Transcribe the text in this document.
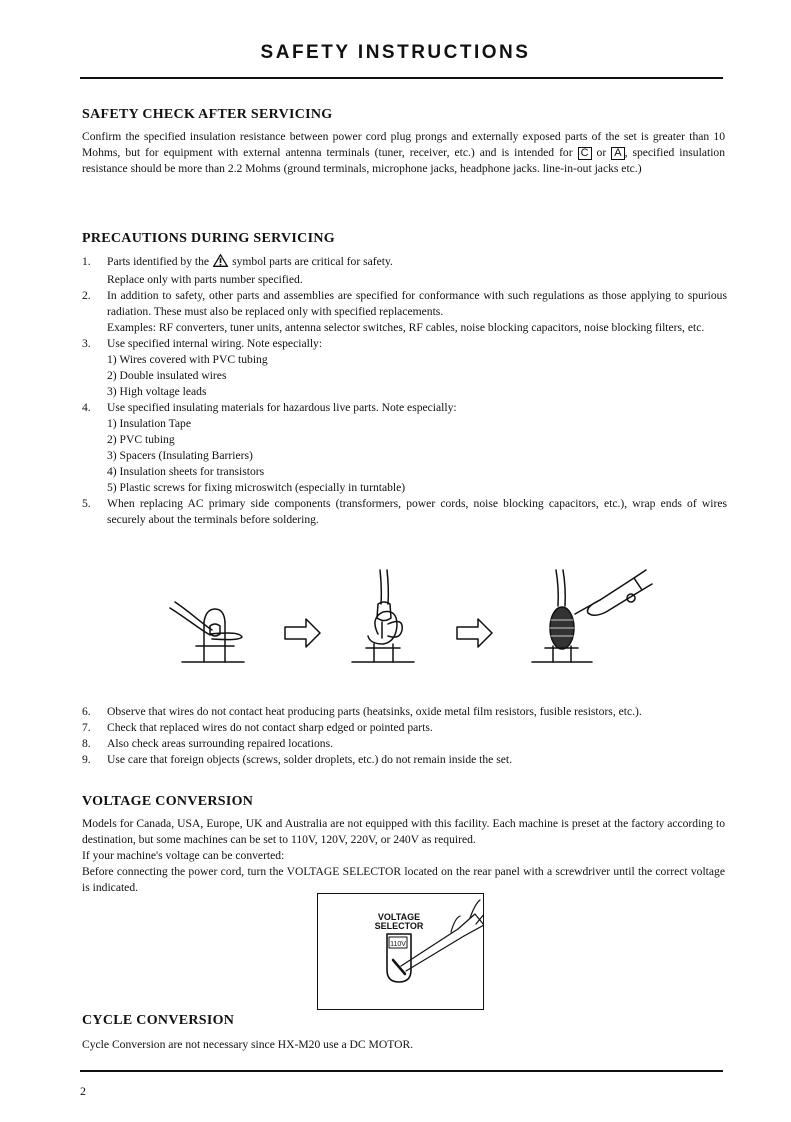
SAFETY INSTRUCTIONS
SAFETY CHECK AFTER SERVICING

Confirm the specified insulation resistance between power cord plug prongs and externally exposed parts of the set is greater than 10 Mohms, but for equipment with external antenna terminals (tuner, receiver, etc.) and is intended for C or A , specified insulation resistance should be more than 2.2 Mohms (ground terminals, microphone jacks, headphone jacks. line-in-out jacks etc.)

PRECAUTIONS DURING SERVICING
1. Parts identified by the symbol parts are critical for safety.
Replace only with parts number specified.
2. In addition to safety, other parts and assemblies are specified for conformance with such regulations as those applying to spurious radiation. These must also be replaced only with specified replacements.
Examples: RF converters, tuner units, antenna selector switches, RF cables, noise blocking capacitors, noise blocking filters, etc.
3. Use specified internal wiring. Note especially:
1) Wires covered with PVC tubing
2) Double insulated wires
3) High voltage leads
4. Use specified insulating materials for hazardous live parts. Note especially:
1) Insulation Tape
2) PVC tubing
3) Spacers (Insulating Barriers)
4) Insulation sheets for transistors
5) Plastic screws for fixing microswitch (especially in turntable)
5. When replacing AC primary side components (transformers, power cords, noise blocking capacitors, etc.), wrap ends of wires securely about the terminals before soldering.
6. Observe that wires do not contact heat producing parts (heatsinks, oxide metal film resistors, fusible resistors, etc.).
7. Check that replaced wires do not contact sharp edged or pointed parts.
8. Also check areas surrounding repaired locations.
9. Use care that foreign objects (screws, solder droplets, etc.) do not remain inside the set.
VOLTAGE CONVERSION

Models for Canada, USA, Europe, UK and Australia are not equipped with this facility. Each machine is preset at the factory according to destination, but some machines can be set to 110V, 120V, 220V, or 240V as required.

If your machine's voltage can be converted:

Before connecting the power cord, turn the VOLTAGE SELECTOR located on the rear panel with a screwdriver until the correct voltage is indicated.

VOLTAGE
SELECTOR
110V
CYCLE CONVERSION

Cycle Conversion are not necessary since HX-M20 use a DC MOTOR.

2
